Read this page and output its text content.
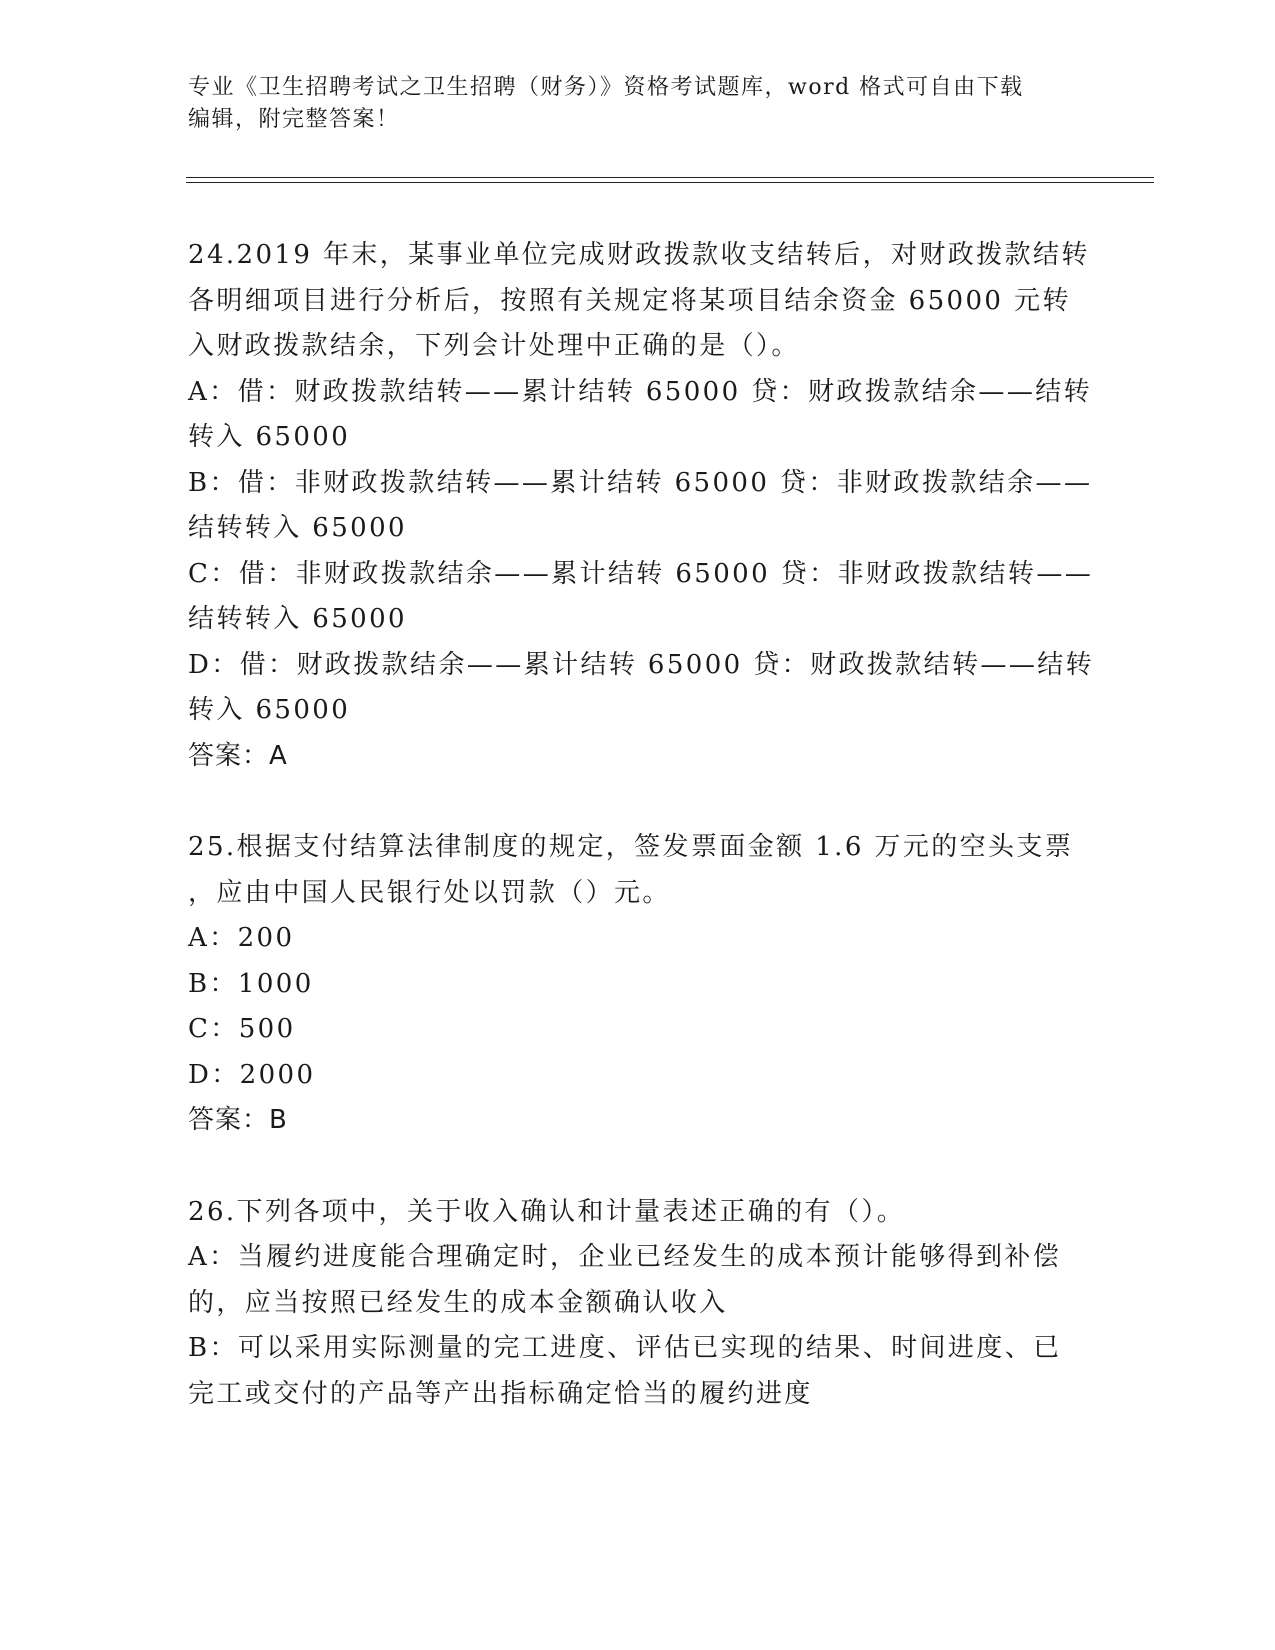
专业《卫生招聘考试之卫生招聘（财务）》资格考试题库，word 格式可自由下载
编辑，附完整答案！
24.2019 年末，某事业单位完成财政拨款收支结转后，对财政拨款结转
各明细项目进行分析后，按照有关规定将某项目结余资金 65000 元转
入财政拨款结余，下列会计处理中正确的是（）。
A：借：财政拨款结转——累计结转 65000 贷：财政拨款结余——结转
转入 65000
B：借：非财政拨款结转——累计结转 65000 贷：非财政拨款结余——
结转转入 65000
C：借：非财政拨款结余——累计结转 65000 贷：非财政拨款结转——
结转转入 65000
D：借：财政拨款结余——累计结转 65000 贷：财政拨款结转——结转
转入 65000
答案：A
25.根据支付结算法律制度的规定，签发票面金额 1.6 万元的空头支票
，应由中国人民银行处以罚款（）元。
A：200
B：1000
C：500
D：2000
答案：B
26.下列各项中，关于收入确认和计量表述正确的有（）。
A：当履约进度能合理确定时，企业已经发生的成本预计能够得到补偿
的，应当按照已经发生的成本金额确认收入
B：可以采用实际测量的完工进度、评估已实现的结果、时间进度、已
完工或交付的产品等产出指标确定恰当的履约进度
